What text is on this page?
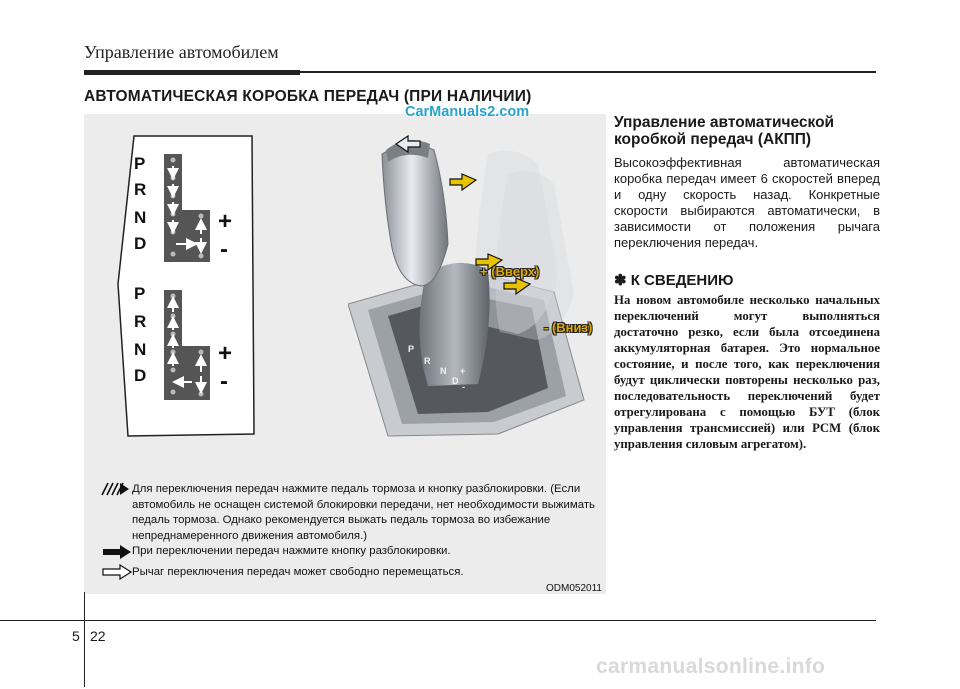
Управление автомобилем
АВТОМАТИЧЕСКАЯ КОРОБКА ПЕРЕДАЧ (ПРИ НАЛИЧИИ)
P
R
N
D
+
-
P
R
N
D
+
-
P
R
N
D
+
-
+ (Вверх)
- (Вниз)
Для переключения передач нажмите педаль тормоза и кнопку разблокировки. (Если автомобиль не оснащен системой блокировки передачи, нет необходимости выжимать педаль тормоза. Однако рекомендуется выжать педаль тормоза во избежание непреднамеренного движения автомобиля.)
При переключении передач нажмите кнопку разблокировки.
Рычаг переключения передач может свободно перемещаться.
ODM052011
CarManuals2.com
Управление автоматической коробкой передач (АКПП)
Высокоэффективная автоматическая коробка передач имеет 6 скоростей вперед и одну скорость назад. Конкретные скорости выбираются автоматически, в зависимости от положения рычага переключения передач.
✽ К СВЕДЕНИЮ
На новом автомобиле несколько начальных переключений могут выполняться достаточно резко, если была отсоединена аккумуляторная батарея. Это нормальное состояние, и после того, как переключения будут циклически повторены несколько раз, последовательность переключений будет отрегулирована с помощью БУТ (блок управления трансмиссией) или PCM (блок управления силовым агрегатом).
5 22
carmanualsonline.info
